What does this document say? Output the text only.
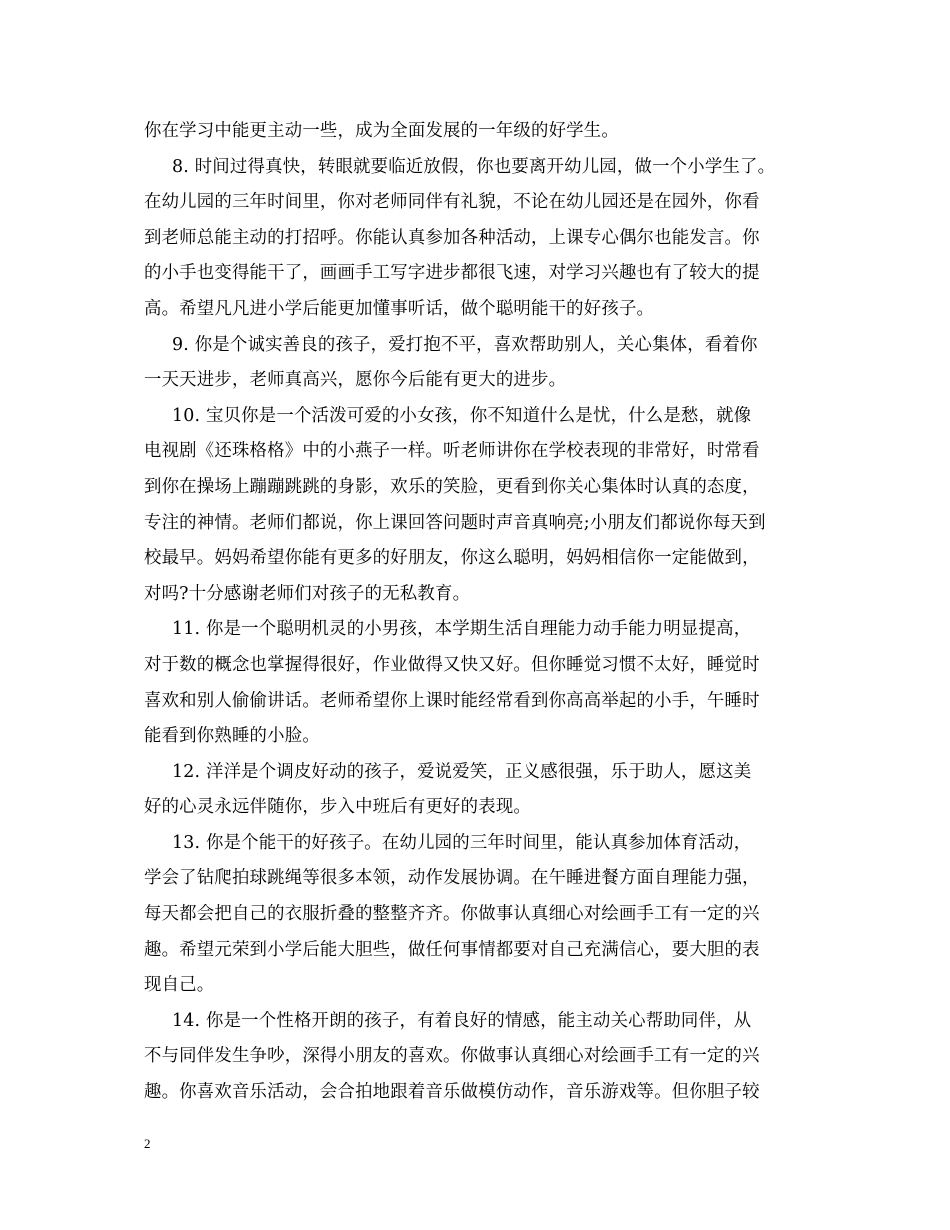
你在学习中能更主动一些，成为全面发展的一年级的好学生。
8. 时间过得真快，转眼就要临近放假，你也要离开幼儿园，做一个小学生了。
在幼儿园的三年时间里，你对老师同伴有礼貌，不论在幼儿园还是在园外，你看
到老师总能主动的打招呼。你能认真参加各种活动，上课专心偶尔也能发言。你
的小手也变得能干了，画画手工写字进步都很飞速，对学习兴趣也有了较大的提
高。希望凡凡进小学后能更加懂事听话，做个聪明能干的好孩子。
9. 你是个诚实善良的孩子，爱打抱不平，喜欢帮助别人，关心集体，看着你
一天天进步，老师真高兴，愿你今后能有更大的进步。
10. 宝贝你是一个活泼可爱的小女孩，你不知道什么是忧，什么是愁，就像
电视剧《还珠格格》中的小燕子一样。听老师讲你在学校表现的非常好，时常看
到你在操场上蹦蹦跳跳的身影，欢乐的笑脸，更看到你关心集体时认真的态度，
专注的神情。老师们都说，你上课回答问题时声音真响亮;小朋友们都说你每天到
校最早。妈妈希望你能有更多的好朋友，你这么聪明，妈妈相信你一定能做到，
对吗?十分感谢老师们对孩子的无私教育。
11. 你是一个聪明机灵的小男孩，本学期生活自理能力动手能力明显提高，
对于数的概念也掌握得很好，作业做得又快又好。但你睡觉习惯不太好，睡觉时
喜欢和别人偷偷讲话。老师希望你上课时能经常看到你高高举起的小手，午睡时
能看到你熟睡的小脸。
12. 洋洋是个调皮好动的孩子，爱说爱笑，正义感很强，乐于助人，愿这美
好的心灵永远伴随你，步入中班后有更好的表现。
13. 你是个能干的好孩子。在幼儿园的三年时间里，能认真参加体育活动，
学会了钻爬拍球跳绳等很多本领，动作发展协调。在午睡进餐方面自理能力强，
每天都会把自己的衣服折叠的整整齐齐。你做事认真细心对绘画手工有一定的兴
趣。希望元荣到小学后能大胆些，做任何事情都要对自己充满信心，要大胆的表
现自己。
14. 你是一个性格开朗的孩子，有着良好的情感，能主动关心帮助同伴，从
不与同伴发生争吵，深得小朋友的喜欢。你做事认真细心对绘画手工有一定的兴
趣。你喜欢音乐活动，会合拍地跟着音乐做模仿动作，音乐游戏等。但你胆子较
2
